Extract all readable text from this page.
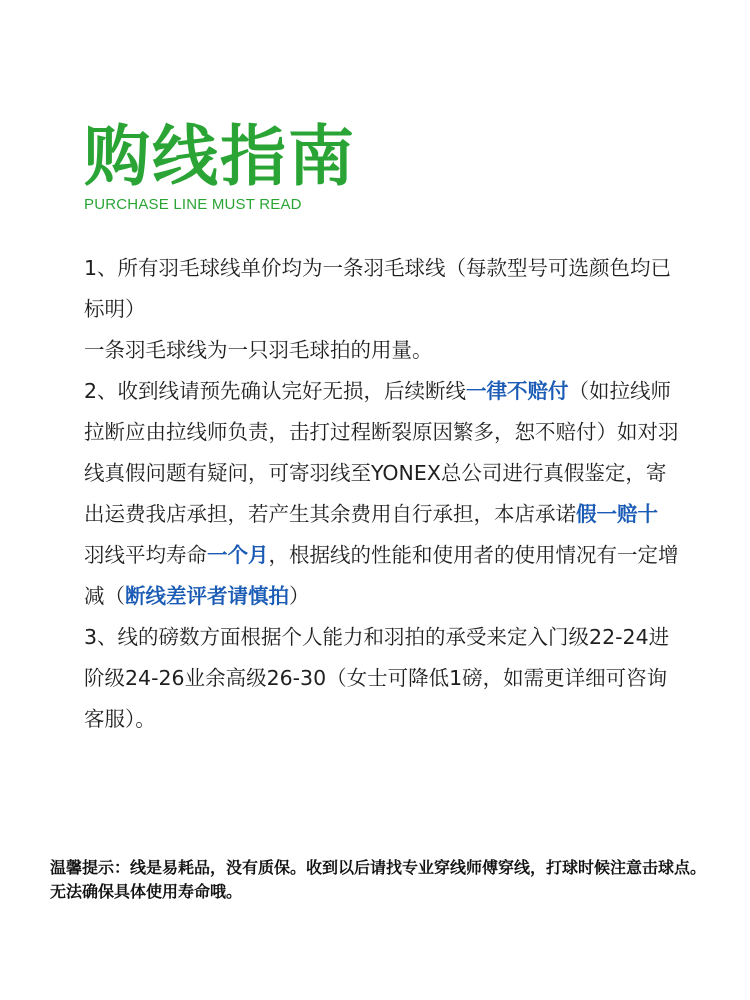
购线指南
PURCHASE LINE MUST READ

1、所有羽毛球线单价均为一条羽毛球线（每款型号可选颜色均已标明）

一条羽毛球线为一只羽毛球拍的用量。

2、收到线请预先确认完好无损，后续断线一律不赔付（如拉线师拉断应由拉线师负责，击打过程断裂原因繁多，恕不赔付）如对羽线真假问题有疑问，可寄羽线至YONEX总公司进行真假鉴定，寄出运费我店承担，若产生其余费用自行承担，本店承诺假一赔十

羽线平均寿命一个月，根据线的性能和使用者的使用情况有一定增减（断线差评者请慎拍）

3、线的磅数方面根据个人能力和羽拍的承受来定入门级22-24进阶级24-26业余高级26-30（女士可降低1磅，如需更详细可咨询客服）。

温馨提示：线是易耗品，没有质保。收到以后请找专业穿线师傅穿线，打球时候注意击球点。无法确保具体使用寿命哦。
